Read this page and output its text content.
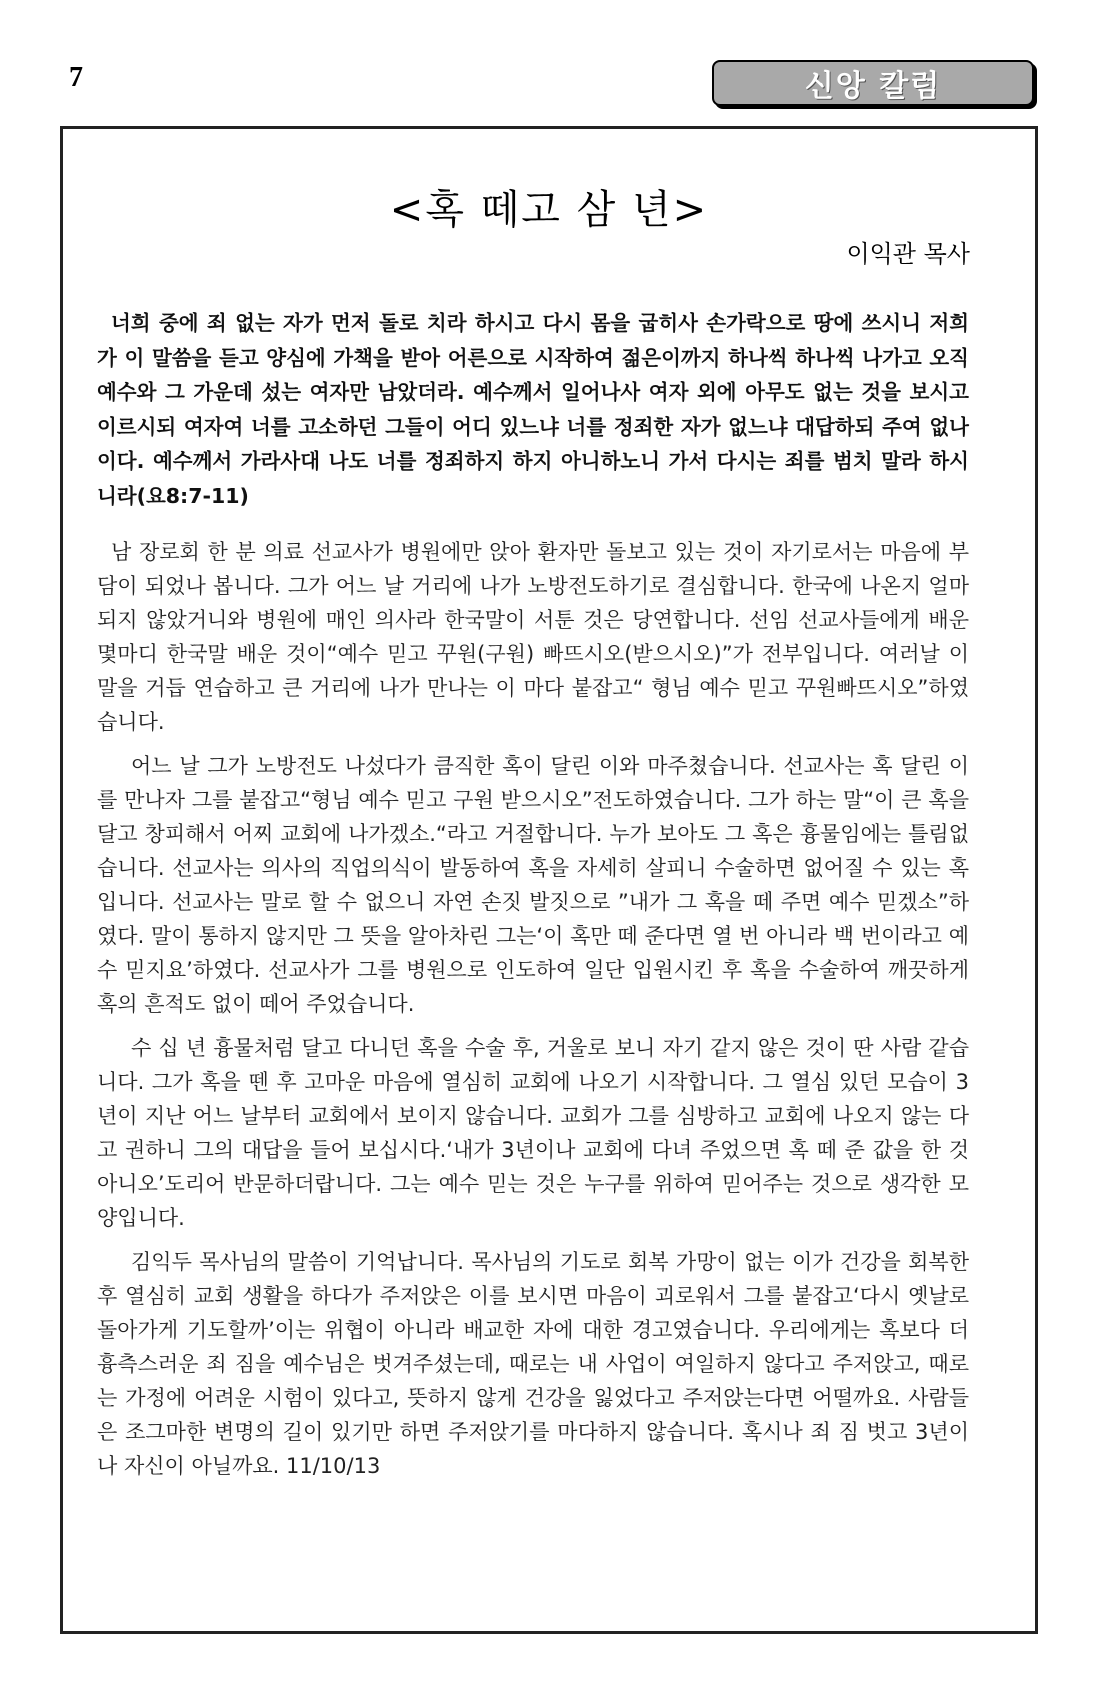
7	신앙 칼럼
<혹 떼고 삼 년>
이익관 목사

너희 중에 죄 없는 자가 먼저 돌로 치라 하시고 다시 몸을 굽히사 손가락으로 땅에 쓰시니 저희가 이 말씀을 듣고 양심에 가책을 받아 어른으로 시작하여 젊은이까지 하나씩 하나씩 나가고 오직 예수와 그 가운데 섰는 여자만 남았더라. 예수께서 일어나사 여자 외에 아무도 없는 것을 보시고 이르시되 여자여 너를 고소하던 그들이 어디 있느냐 너를 정죄한 자가 없느냐 대답하되 주여 없나이다. 예수께서 가라사대 나도 너를 정죄하지 하지 아니하노니 가서 다시는 죄를 범치 말라 하시니라(요8:7-11)

남 장로회 한 분 의료 선교사가 병원에만 앉아 환자만 돌보고 있는 것이 자기로서는 마음에 부담이 되었나 봅니다. 그가 어느 날 거리에 나가 노방전도하기로 결심합니다. 한국에 나온지 얼마 되지 않았거니와 병원에 매인 의사라 한국말이 서툰 것은 당연합니다. 선임 선교사들에게 배운 몇마디 한국말 배운 것이“예수 믿고 꾸원(구원) 빠뜨시오(받으시오)”가 전부입니다. 여러날 이 말을 거듭 연습하고 큰 거리에 나가 만나는 이 마다 붙잡고“ 형님 예수 믿고 꾸원빠뜨시오”하였습니다.

어느 날 그가 노방전도 나섰다가 큼직한 혹이 달린 이와 마주쳤습니다. 선교사는 혹 달린 이를 만나자 그를 붙잡고“형님 예수 믿고 구원 받으시오”전도하였습니다. 그가 하는 말“이 큰 혹을 달고 창피해서 어찌 교회에 나가겠소.“라고 거절합니다. 누가 보아도 그 혹은 흉물임에는 틀림없습니다. 선교사는 의사의 직업의식이 발동하여 혹을 자세히 살피니 수술하면 없어질 수 있는 혹입니다. 선교사는 말로 할 수 없으니 자연 손짓 발짓으로 ”내가 그 혹을 떼 주면 예수 믿겠소”하였다. 말이 통하지 않지만 그 뜻을 알아차린 그는‘이 혹만 떼 준다면 열 번 아니라 백 번이라고 예수 믿지요’하였다. 선교사가 그를 병원으로 인도하여 일단 입원시킨 후 혹을 수술하여 깨끗하게 혹의 흔적도 없이 떼어 주었습니다.

수 십 년 흉물처럼 달고 다니던 혹을 수술 후, 거울로 보니 자기 같지 않은 것이 딴 사람 같습니다. 그가 혹을 뗀 후 고마운 마음에 열심히 교회에 나오기 시작합니다. 그 열심 있던 모습이 3년이 지난 어느 날부터 교회에서 보이지 않습니다. 교회가 그를 심방하고 교회에 나오지 않는 다고 권하니 그의 대답을 들어 보십시다.‘내가 3년이나 교회에 다녀 주었으면 혹 떼 준 값을 한 것 아니오’도리어 반문하더랍니다. 그는 예수 믿는 것은 누구를 위하여 믿어주는 것으로 생각한 모양입니다.

김익두 목사님의 말씀이 기억납니다. 목사님의 기도로 회복 가망이 없는 이가 건강을 회복한 후 열심히 교회 생활을 하다가 주저앉은 이를 보시면 마음이 괴로워서 그를 붙잡고‘다시 옛날로 돌아가게 기도할까’이는 위협이 아니라 배교한 자에 대한 경고였습니다. 우리에게는 혹보다 더 흉측스러운 죄 짐을 예수님은 벗겨주셨는데, 때로는 내 사업이 여일하지 않다고 주저앉고, 때로는 가정에 어려운 시험이 있다고, 뜻하지 않게 건강을 잃었다고 주저앉는다면 어떨까요. 사람들은 조그마한 변명의 길이 있기만 하면 주저앉기를 마다하지 않습니다. 혹시나 죄 짐 벗고 3년이 나 자신이 아닐까요. 11/10/13
